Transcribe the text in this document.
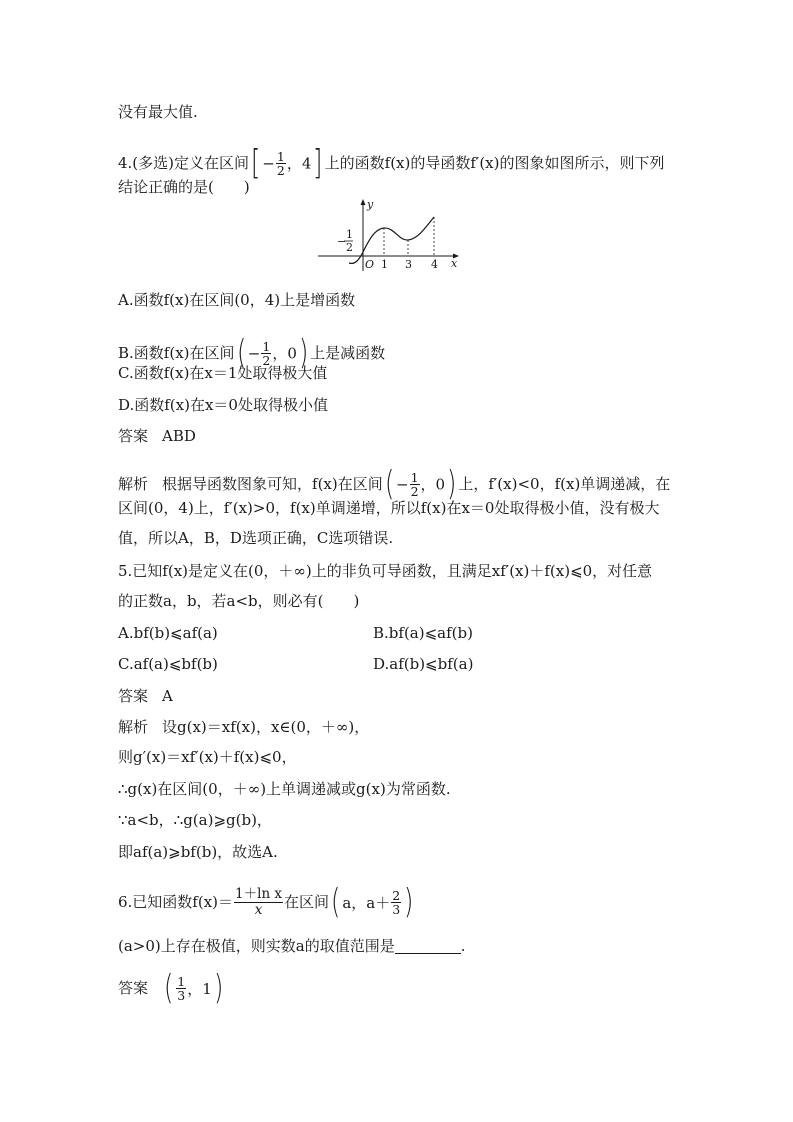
没有最大值.
4.(多选)定义在区间[ − $\frac{1}{2}$ ，4] 上的函数f(x)的导函数f′(x)的图象如图所示，则下列
结论正确的是(　　)
y
x
O 1 3 4
−
1
2
A.函数f(x)在区间(0，4)上是增函数
B.函数f(x)在区间( − $\frac{1}{2}$ ，0) 上是减函数
C.函数f(x)在x＝1处取得极大值
D.函数f(x)在x＝0处取得极小值
答案 ABD
解析 根据导函数图象可知，f(x)在区间( − $\frac{1}{2}$ ，0) 上，f′(x)<0，f(x)单调递减，在
区间(0，4)上，f′(x)>0，f(x)单调递增，所以f(x)在x＝0处取得极小值，没有极大
值，所以A，B，D选项正确，C选项错误.
5.已知f(x)是定义在(0，＋∞)上的非负可导函数，且满足xf′(x)＋f(x)⩽0，对任意
的正数a，b，若a<b，则必有(　　)
A.bf(b)⩽af(a)	B.bf(a)⩽af(b)
C.af(a)⩽bf(b)	D.af(b)⩽bf(a)
答案 A
解析 设g(x)＝xf(x)，x∈(0，＋∞)，
则g′(x)＝xf′(x)＋f(x)⩽0，
∴g(x)在区间(0，＋∞)上单调递减或g(x)为常函数.
∵a<b，∴g(a)⩾g(b)，
即af(a)⩾bf(b)，故选A.
6.已知函数$f(x)= \frac{\text{1＋ln x}}{x}$ 在区间( a，$a+ \frac{2}{3}$ )
(a>0)上存在极值，则实数a的取值范围是	.
答案 ( $\frac{1}{3}$ ，1)
